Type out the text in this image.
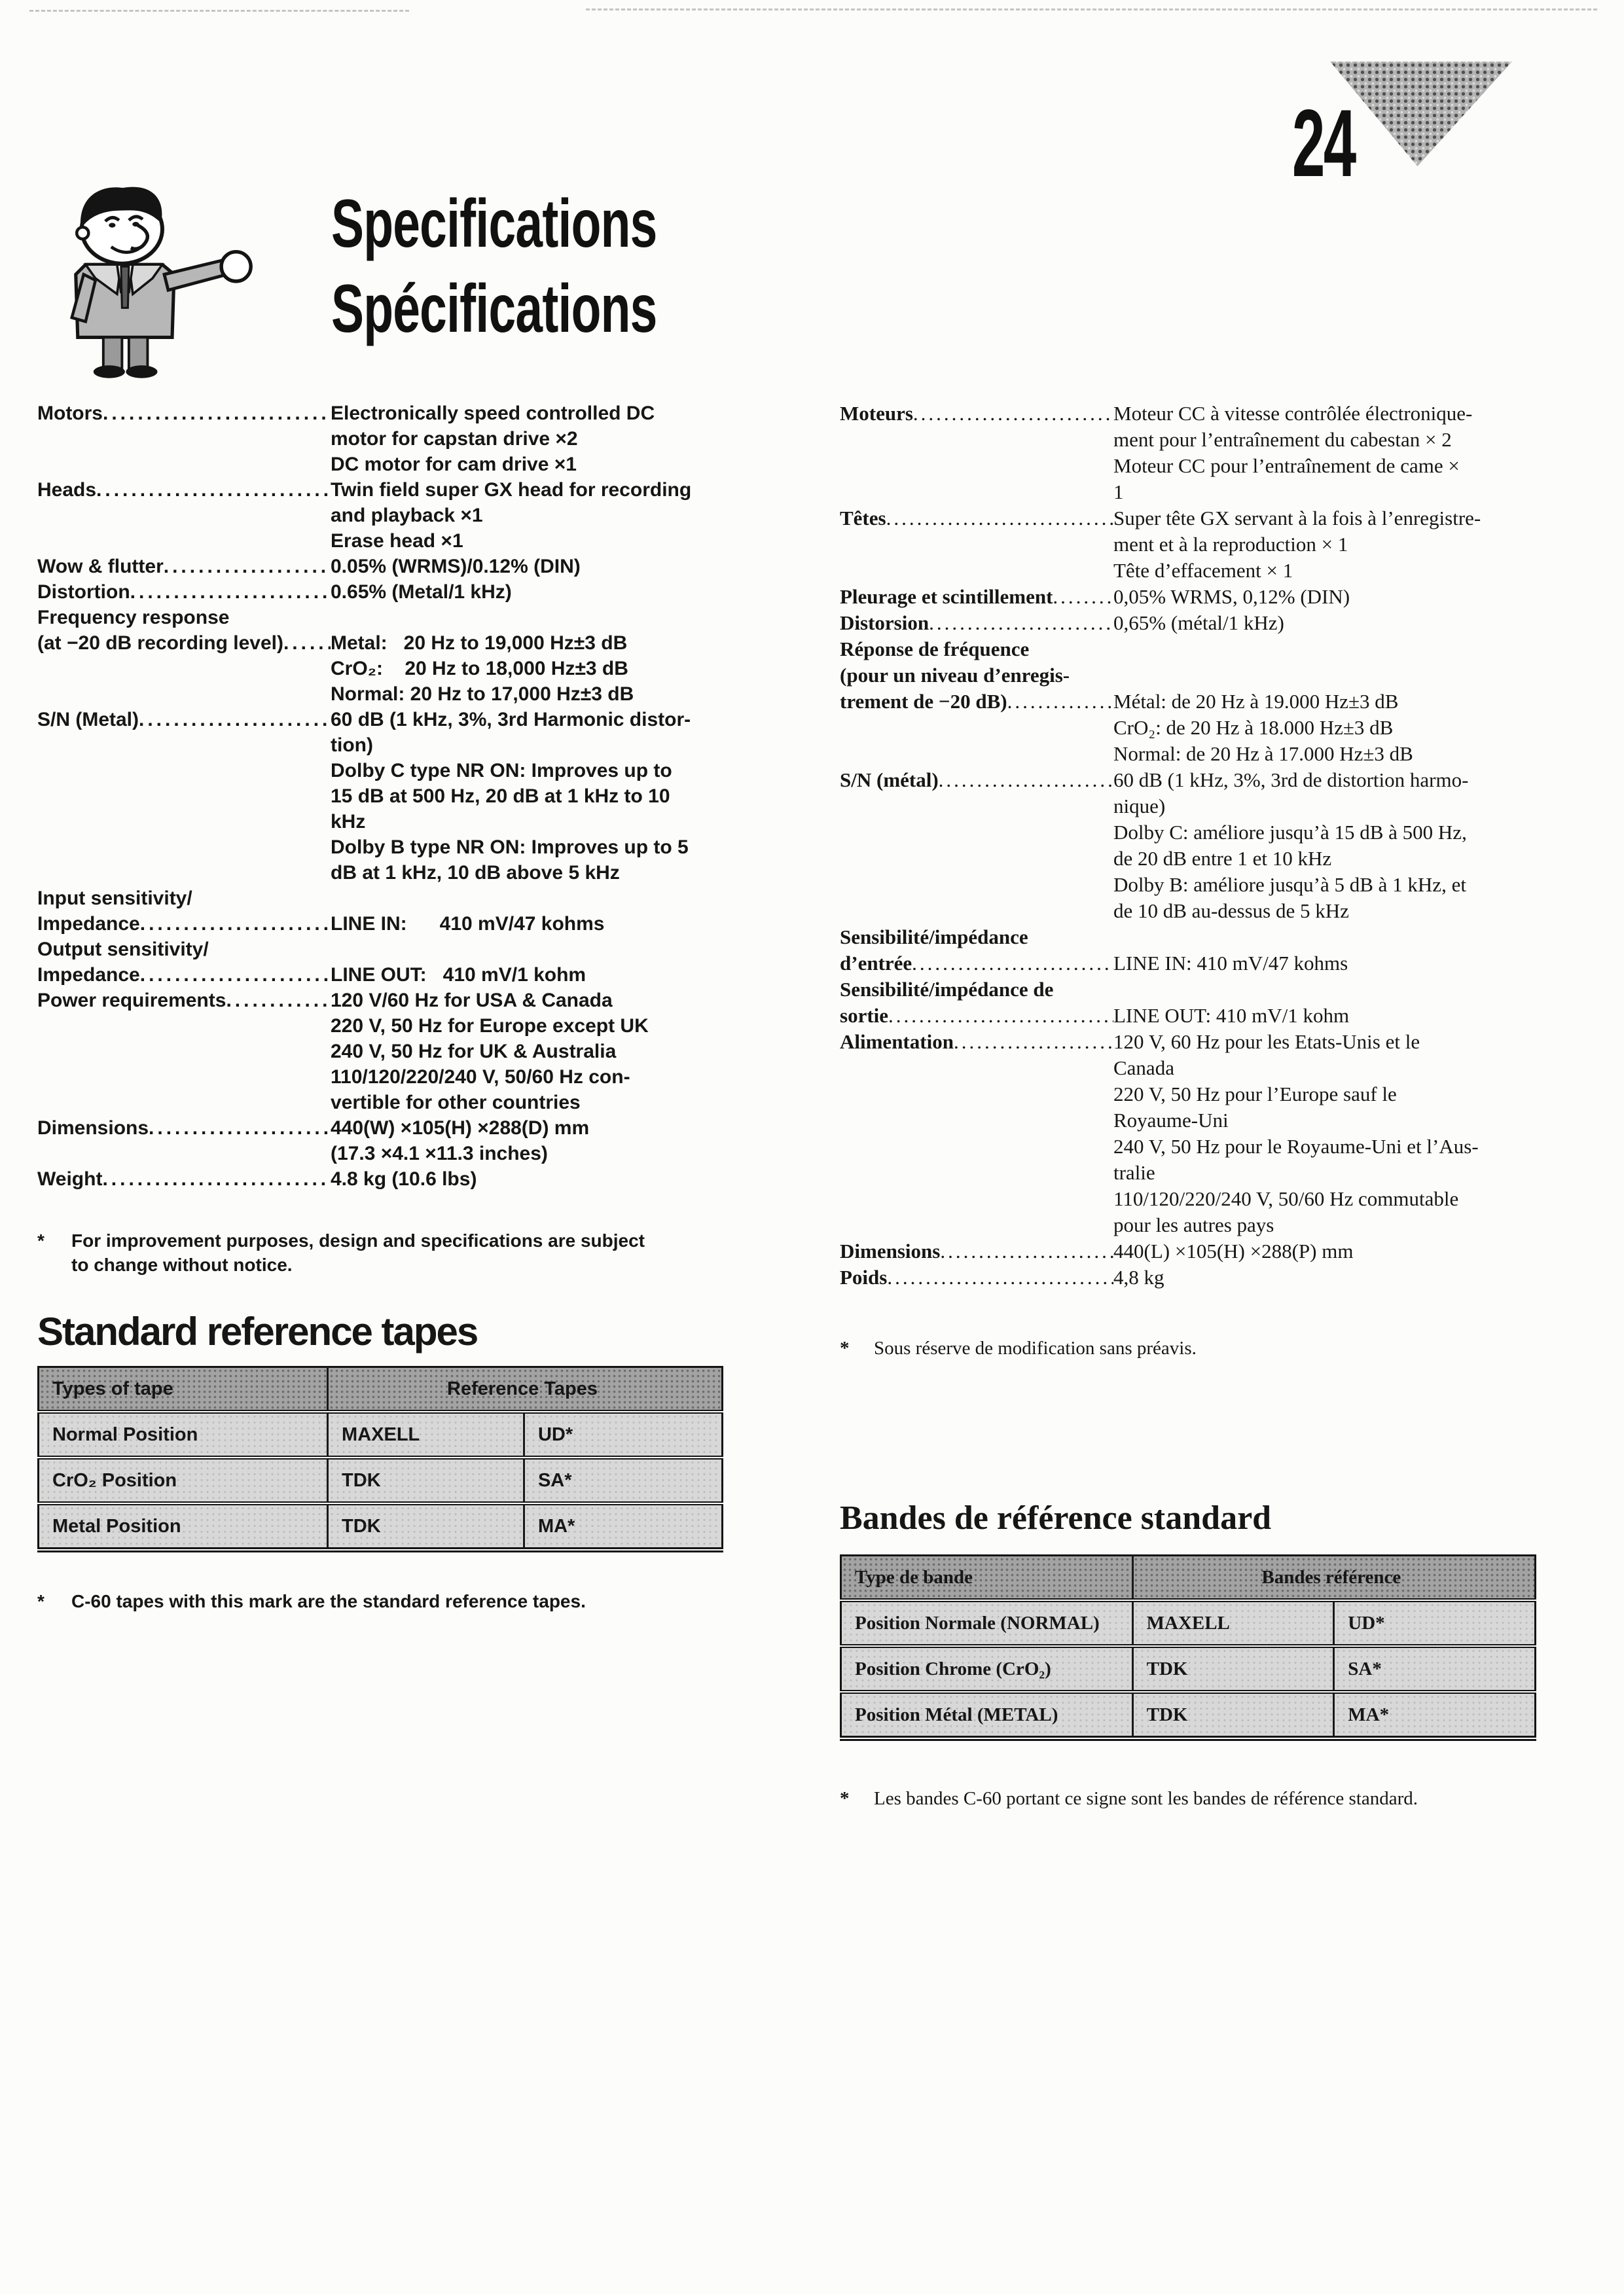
24
Specifications
Spécifications
Motors .....	Electronically speed controlled DC
motor for capstan drive ×2
DC motor for cam drive ×1
Heads .....	Twin field super GX head for recording
and playback ×1
Erase head ×1
Wow & flutter .....	0.05% (WRMS)/0.12% (DIN)
Distortion .....	0.65% (Metal/1 kHz)
Frequency response
(at −20 dB recording level) ..... Metal:   20 Hz to 19,000 Hz±3 dB
CrO₂:    20 Hz to 18,000 Hz±3 dB
Normal: 20 Hz to 17,000 Hz±3 dB
S/N (Metal) .....	60 dB (1 kHz, 3%, 3rd Harmonic distor-
tion)
Dolby C type NR ON: Improves up to
15 dB at 500 Hz, 20 dB at 1 kHz to 10
kHz
Dolby B type NR ON: Improves up to 5
dB at 1 kHz, 10 dB above 5 kHz
Input sensitivity/
Impedance .....	LINE IN:      410 mV/47 kohms
Output sensitivity/
Impedance .....	LINE OUT:   410 mV/1 kohm
Power requirements .....	120 V/60 Hz for USA & Canada
220 V, 50 Hz for Europe except UK
240 V, 50 Hz for UK & Australia
110/120/220/240 V, 50/60 Hz con-
vertible for other countries
Dimensions .....	440(W) ×105(H) ×288(D) mm
(17.3 ×4.1 ×11.3 inches)
Weight .....	4.8 kg (10.6 lbs)
*	For improvement purposes, design and specifications are subject to change without notice.
Standard reference tapes
Types of tape	Reference Tapes	
Normal Position	MAXELL	UD*
CrO₂ Position	TDK	SA*
Metal Position	TDK	MA*
*	C-60 tapes with this mark are the standard reference tapes.
Moteurs .....	Moteur CC à vitesse contrôlée électronique-
ment pour l’entraînement du cabestan × 2
Moteur CC pour l’entraînement de came ×
1
Têtes .....	Super tête GX servant à la fois à l’enregistre-
ment et à la reproduction × 1
Tête d’effacement × 1
Pleurage et scintillement .....	0,05% WRMS, 0,12% (DIN)
Distorsion .....	0,65% (métal/1 kHz)
Réponse de fréquence
(pour un niveau d’enregis-
trement de −20 dB) .....	Métal: de 20 Hz à 19.000 Hz±3 dB
CrO₂: de 20 Hz à 18.000 Hz±3 dB
Normal: de 20 Hz à 17.000 Hz±3 dB
S/N (métal) .....	60 dB (1 kHz, 3%, 3rd de distortion harmo-
nique)
Dolby C: améliore jusqu’à 15 dB à 500 Hz,
de 20 dB entre 1 et 10 kHz
Dolby B: améliore jusqu’à 5 dB à 1 kHz, et
de 10 dB au-dessus de 5 kHz
Sensibilité/impédance
d’entrée .....	LINE IN: 410 mV/47 kohms
Sensibilité/impédance de
sortie .....	LINE OUT: 410 mV/1 kohm
Alimentation .....	120 V, 60 Hz pour les Etats-Unis et le
Canada
220 V, 50 Hz pour l’Europe sauf le
Royaume-Uni
240 V, 50 Hz pour le Royaume-Uni et l’Aus-
tralie
110/120/220/240 V, 50/60 Hz commutable
pour les autres pays
Dimensions .....	440(L) ×105(H) ×288(P) mm
Poids .....	4,8 kg
*	Sous réserve de modification sans préavis.
Bandes de référence standard
Type de bande	Bandes référence	
Position Normale (NORMAL)	MAXELL	UD*
Position Chrome (CrO₂)	TDK	SA*
Position Métal (METAL)	TDK	MA*
*	Les bandes C-60 portant ce signe sont les bandes de référence standard.
